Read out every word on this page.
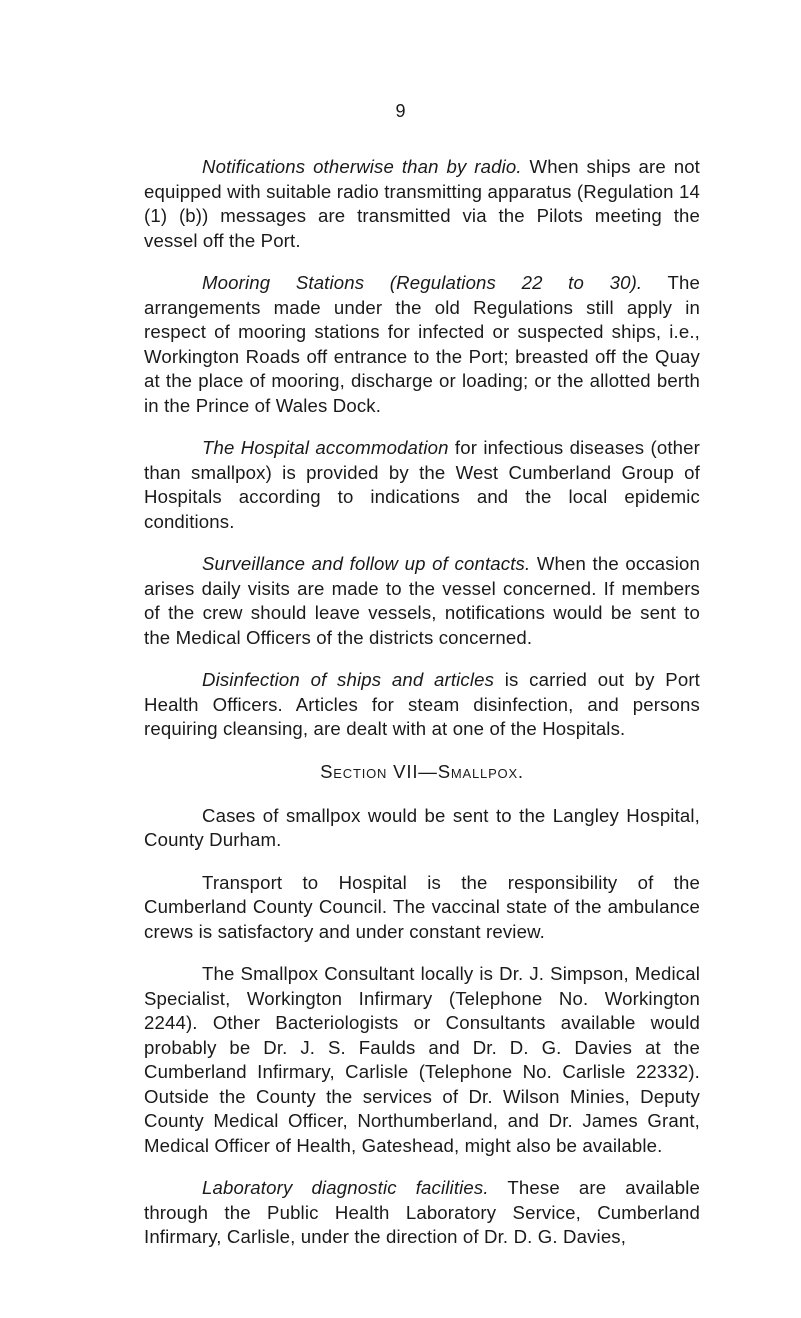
9

Notifications otherwise than by radio. When ships are not equipped with suitable radio transmitting apparatus (Regulation 14 (1) (b)) messages are transmitted via the Pilots meeting the vessel off the Port.

Mooring Stations (Regulations 22 to 30). The arrangements made under the old Regulations still apply in respect of mooring stations for infected or suspected ships, i.e., Workington Roads off entrance to the Port; breasted off the Quay at the place of mooring, discharge or loading; or the allotted berth in the Prince of Wales Dock.

The Hospital accommodation for infectious diseases (other than smallpox) is provided by the West Cumberland Group of Hospitals according to indications and the local epidemic conditions.

Surveillance and follow up of contacts. When the occasion arises daily visits are made to the vessel concerned. If members of the crew should leave vessels, notifications would be sent to the Medical Officers of the districts concerned.

Disinfection of ships and articles is carried out by Port Health Officers. Articles for steam disinfection, and persons requiring cleansing, are dealt with at one of the Hospitals.

Section VII—Smallpox.

Cases of smallpox would be sent to the Langley Hospital, County Durham.

Transport to Hospital is the responsibility of the Cumberland County Council. The vaccinal state of the ambulance crews is satisfactory and under constant review.

The Smallpox Consultant locally is Dr. J. Simpson, Medical Specialist, Workington Infirmary (Telephone No. Workington 2244). Other Bacteriologists or Consultants available would probably be Dr. J. S. Faulds and Dr. D. G. Davies at the Cumberland Infirmary, Carlisle (Telephone No. Carlisle 22332). Outside the County the services of Dr. Wilson Minies, Deputy County Medical Officer, Northumberland, and Dr. James Grant, Medical Officer of Health, Gateshead, might also be available.

Laboratory diagnostic facilities. These are available through the Public Health Laboratory Service, Cumberland Infirmary, Carlisle, under the direction of Dr. D. G. Davies,
